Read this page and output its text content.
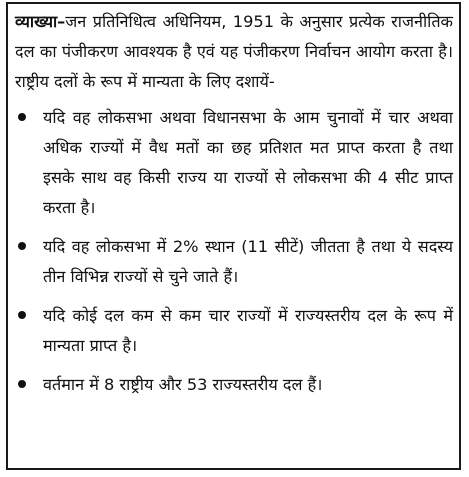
व्याख्या–जन प्रतिनिधित्व अधिनियम, 1951 के अनुसार प्रत्येक राजनीतिक दल का पंजीकरण आवश्यक है एवं यह पंजीकरण निर्वाचन आयोग करता है। राष्ट्रीय दलों के रूप में मान्यता के लिए दशायें-

यदि वह लोकसभा अथवा विधानसभा के आम चुनावों में चार अथवा अधिक राज्यों में वैध मतों का छह प्रतिशत मत प्राप्त करता है तथा इसके साथ वह किसी राज्य या राज्यों से लोकसभा की 4 सीट प्राप्त करता है।
यदि वह लोकसभा में 2% स्थान (11 सीटें) जीतता है तथा ये सदस्य तीन विभिन्न राज्यों से चुने जाते हैं।
यदि कोई दल कम से कम चार राज्यों में राज्यस्तरीय दल के रूप में मान्यता प्राप्त है।
वर्तमान में 8 राष्ट्रीय और 53 राज्यस्तरीय दल हैं।
